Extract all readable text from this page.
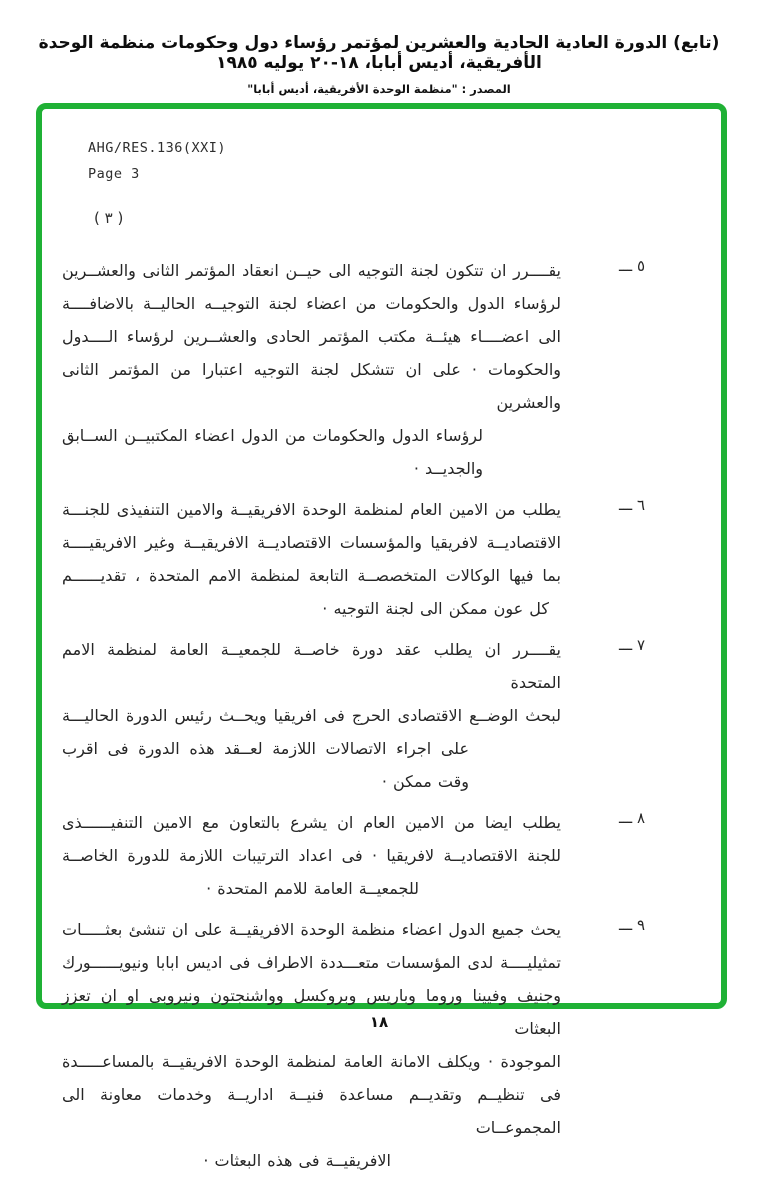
(تابع) الدورة العادية الحادية والعشرين لمؤتمر رؤساء دول وحكومات منظمة الوحدة الأفريقية، أديس أبابا، ١٨-٢٠ يوليه ١٩٨٥
المصدر : "منظمة الوحدة الأفريقية، أديس أبابا"
AHG/RES.136(XXI)
Page 3
( ٣ )
٥ ـــ
يقــــرر ان تتكون لجنة التوجيه الى حيــن انعقاد المؤتمر الثانى والعشــرين
لرؤساء الدول والحكومات من اعضاء لجنة التوجيــه الحاليــة بالاضافــــة
الى اعضــــاء هيئــة مكتب المؤتمر الحادى والعشــرين لرؤساء الــــدول
والحكومات · على ان تتشكل لجنة التوجيه اعتبارا من المؤتمر الثانى والعشرين
لرؤساء الدول والحكومات من الدول اعضاء المكتبيــن الســابق والجديــد ·
٦ ـــ
يطلب من الامين العام لمنظمة الوحدة الافريقيــة والامين التنفيذى للجنـــة
الاقتصاديــة لافريقيا والمؤسسات الاقتصاديــة الافريقيــة وغير الافريقيــــة
بما فيها الوكالات المتخصصــة التابعة لمنظمة الامم المتحدة ، تقديــــــم
كل عون ممكن الى لجنة التوجيه ·
٧ ـــ
يقــــرر ان يطلب عقد دورة خاصــة للجمعيــة العامة لمنظمة الامم المتحدة
لبحث الوضــع الاقتصادى الحرج فى افريقيا ويحــث رئيس الدورة الحاليـــة
على اجراء الاتصالات اللازمة لعــقد هذه الدورة فى اقرب وقت ممكن ·
٨ ـــ
يطلب ايضا من الامين العام ان يشرع بالتعاون مع الامين التنفيــــــذى
للجنة الاقتصاديــة لافريقيا · فى اعداد الترتيبات اللازمة للدورة الخاصــة
للجمعيــة العامة للامم المتحدة ·
٩ ـــ
يحث جميع الدول اعضاء منظمة الوحدة الافريقيــة على ان تنشئ بعثـــــات
تمثيليــــة لدى المؤسسات متعـــددة الاطراف فى اديس ابابا ونيويــــــورك
وجنيف وفيينا وروما وباريس وبروكسل وواشنجتون ونيروبى او ان تعزز البعثات
الموجودة · ويكلف الامانة العامة لمنظمة الوحدة الافريقيــة بالمساعـــــدة
فى تنظيــم وتقديــم مساعدة فنيــة اداريــة وخدمات معاونة الى المجموعــات
الافريقيــة فى هذه البعثات ·
١٨
